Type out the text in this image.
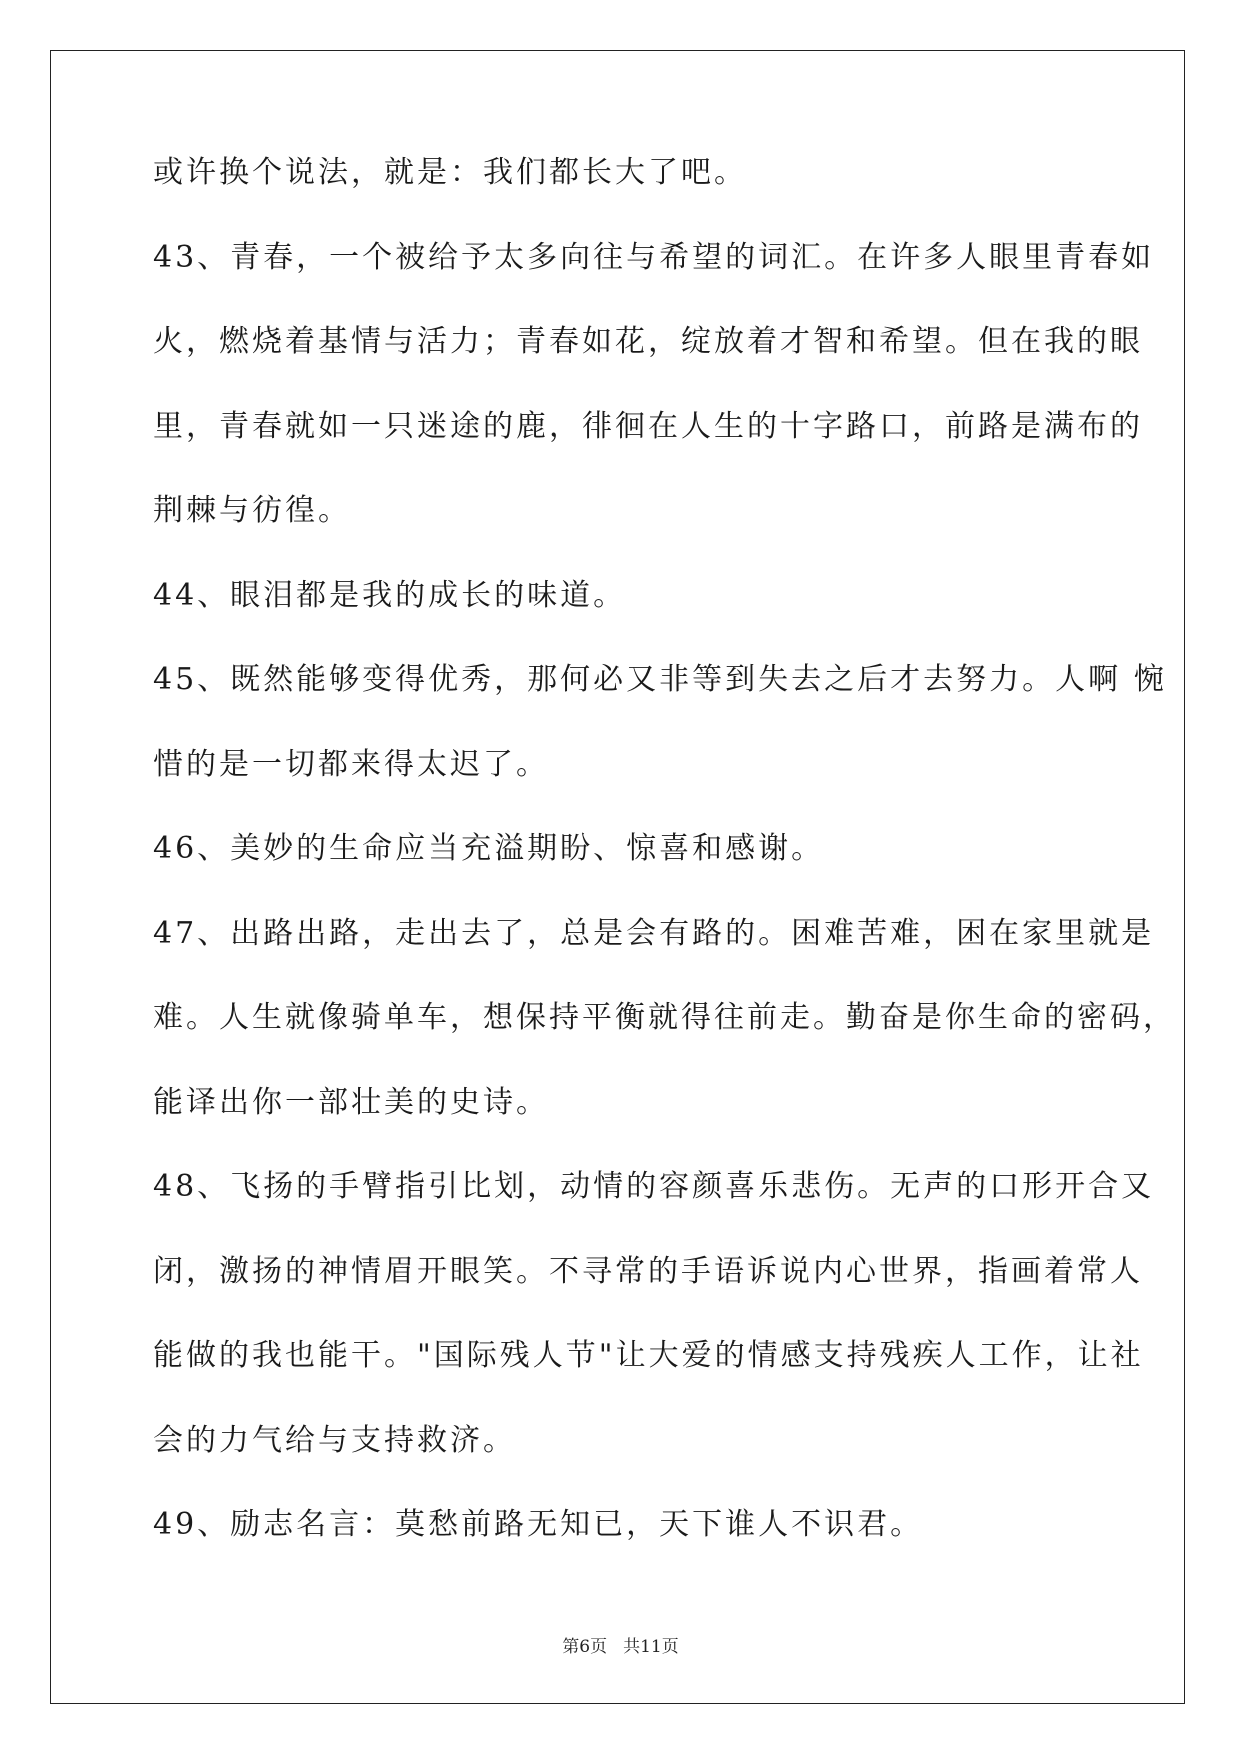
或许换个说法，就是：我们都长大了吧。
43、青春，一个被给予太多向往与希望的词汇。在许多人眼里青春如
火，燃烧着基情与活力；青春如花，绽放着才智和希望。但在我的眼
里，青春就如一只迷途的鹿，徘徊在人生的十字路口，前路是满布的
荆棘与彷徨。
44、眼泪都是我的成长的味道。
45、既然能够变得优秀，那何必又非等到失去之后才去努力。人啊 惋
惜的是一切都来得太迟了。
46、美妙的生命应当充溢期盼、惊喜和感谢。
47、出路出路，走出去了，总是会有路的。困难苦难，困在家里就是
难。人生就像骑单车，想保持平衡就得往前走。勤奋是你生命的密码，
能译出你一部壮美的史诗。
48、飞扬的手臂指引比划，动情的容颜喜乐悲伤。无声的口形开合又
闭，激扬的神情眉开眼笑。不寻常的手语诉说内心世界，指画着常人
能做的我也能干。"国际残人节"让大爱的情感支持残疾人工作，让社
会的力气给与支持救济。
49、励志名言：莫愁前路无知已，天下谁人不识君。
第6页 共11页
